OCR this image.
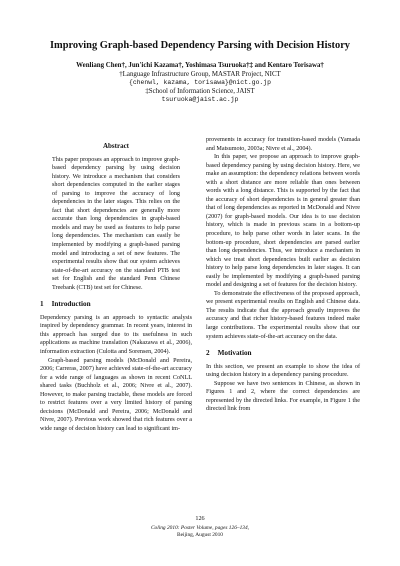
Improving Graph-based Dependency Parsing with Decision History
Wenliang Chen†, Jun'ichi Kazama†, Yoshimasa Tsuruoka†‡ and Kentaro Torisawa†
†Language Infrastructure Group, MASTAR Project, NICT
{chenwl, kazama, torisawa}@nict.go.jp
‡School of Information Science, JAIST
tsuruoka@jaist.ac.jp
Abstract

This paper proposes an approach to improve graph-based dependency parsing by using decision history. We introduce a mechanism that considers short dependencies computed in the earlier stages of parsing to improve the accuracy of long dependencies in the later stages. This relies on the fact that short dependencies are generally more accurate than long dependencies in graph-based models and may be used as features to help parse long dependencies. The mechanism can easily be implemented by modifying a graph-based parsing model and introducing a set of new features. The experimental results show that our system achieves state-of-the-art accuracy on the standard PTB test set for English and the standard Penn Chinese Treebank (CTB) test set for Chinese.

1 Introduction

Dependency parsing is an approach to syntactic analysis inspired by dependency grammar. In recent years, interest in this approach has surged due to its usefulness in such applications as machine translation (Nakazawa et al., 2006), information extraction (Culotta and Sorensen, 2004).

Graph-based parsing models (McDonald and Pereira, 2006; Carreras, 2007) have achieved state-of-the-art accuracy for a wide range of languages as shown in recent CoNLL shared tasks (Buchholz et al., 2006; Nivre et al., 2007). However, to make parsing tractable, these models are forced to restrict features over a very limited history of parsing decisions (McDonald and Pereira, 2006; McDonald and Nivre, 2007). Previous work showed that rich features over a wide range of decision history can lead to significant im-

provements in accuracy for transition-based models (Yamada and Matsumoto, 2003a; Nivre et al., 2004).

In this paper, we propose an approach to improve graph-based dependency parsing by using decision history. Here, we make an assumption: the dependency relations between words with a short distance are more reliable than ones between words with a long distance. This is supported by the fact that the accuracy of short dependencies is in general greater than that of long dependencies as reported in McDonald and Nivre (2007) for graph-based models. Our idea is to use decision history, which is made in previous scans in a bottom-up procedure, to help parse other words in later scans. In the bottom-up procedure, short dependencies are parsed earlier than long dependencies. Thus, we introduce a mechanism in which we treat short dependencies built earlier as decision history to help parse long dependencies in later stages. It can easily be implemented by modifying a graph-based parsing model and designing a set of features for the decision history.

To demonstrate the effectiveness of the proposed approach, we present experimental results on English and Chinese data. The results indicate that the approach greatly improves the accuracy and that richer history-based features indeed make large contributions. The experimental results show that our system achieves state-of-the-art accuracy on the data.

2 Motivation

In this section, we present an example to show the idea of using decision history in a dependency parsing procedure.

Suppose we have two sentences in Chinese, as shown in Figures 1 and 2, where the correct dependencies are represented by the directed links. For example, in Figure 1 the directed link from

126
Coling 2010: Poster Volume, pages 126–134,
Beijing, August 2010
